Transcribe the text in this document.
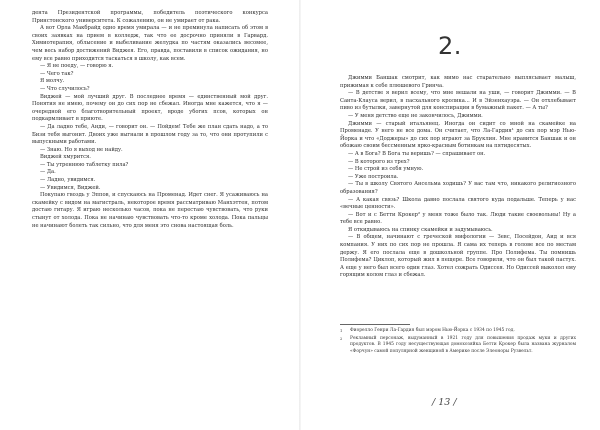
дента Президентской программы, победитель поэтического конкурса Принстонского университета. К сожалению, он не умирает от рака.

А вот Орла Макбрайд одно время умирала — и не преминула написать об этом в своих заявках на прием в колледж, так что ее досрочно приняли в Гарвард. Химиотерапия, облысение и выбеливание желудка по частям оказались весомее, чем весь набор достижений Виджея. Его, правда, поставили в список ожидания, но ему все равно приходится таскаться в школу, как всем.

— Я не поеду, — говорю я.

— Чего так?

Я молчу.

— Что случилось?

Виджей — мой лучший друг. В последнее время — единственный мой друг. Понятия не имею, почему он до сих пор не сбежал. Иногда мне кажется, что я — очередной его благотворительный проект, вроде убогих псов, которых он подкармливает в приюте.

— Да ладно тебе, Анди, — говорит он. — Пойдем! Тебе же план сдать надо, а то Бизи тебя выгонит. Двоих уже выгнали в прошлом году за то, что они протупили с выпускными работами.

— Знаю. Но я выход не найду.

Виджей хмурится.

— Ты утреннюю таблетку пила?

— Да.

— Ладно, увидимся.

— Увидимся, Виджей.

Покупаю гвоздь у Эппов, и спускаюсь на Променад. Идет снег. Я усаживаюсь на скамейку с видом на магистраль, некоторое время рассматриваю Манхэттен, потом достаю гитару. Я играю несколько часов, пока не перестаю чувствовать, что руки стынут от холода. Пока не начинаю чувствовать что-то кроме холода. Пока пальцы не начинают болеть так сильно, что для меня это снова настоящая боль.

2.

Джимми Баншак смотрит, как мимо нас старательно выплясывает малыш, прижимая к себе плюшевого Гринча.

— В детстве я верил всему, что мне вешали на уши, — говорит Джимми. — В Санта-Клауса верил, в пасхального кролика... И в Эйзенхауэра. — Он отхлебывает пиво из бутылки, завернутой для конспирации в бумажный пакет. — А ты?

— У меня детство еще не закончилось, Джимми.

Джимми — старый итальянец. Иногда он сидит со мной на скамейке на Променаде. У него не все дома. Он считает, что Ла-Гардия¹ до сих пор мэр Нью-Йорка и что «Доджеры» до сих пор играют за Бруклин. Мне нравится Баншак и он обожаю своим бессменным ярко-красным ботинкам на пятидесятых.

— А в Бога? В Бога ты веришь? — спрашивает он.

— В которого из трех?

— Не строй из себя умную.

— Уже построила.

— Ты в школу Святого Ансельма ходишь? У вас там что, никакого религиозного образования?

— А какая связь? Школа давно послала святого куда подальше. Теперь у нас «вечные ценности».

— Вот и с Бетти Крокер² у меня тоже было так. Люди такие своевольны! Ну а тебе все равно.

Я откидываюсь на спинку скамейки и задумываюсь.

— В общем, начинают с греческой мифологии — Зевс, Посейдон, Аид и вся компания. У них по сих пор не прошла. Я сама их теперь в голове все по местам держу. Я его послала еще в дошкольной группе. Про Полифема. Ты помнишь Полифема? Циклоп, который жил в пещере. Все говорили, что он был такой пастух. А еще у него был всего один глаз. Хотел сожрать Одиссея. Но Одиссей выколол ему горящим колом глаз и сбежал.

1	Фиорелло Генри Ла-Гардия был мэром Нью-Йорка с 1934 по 1945 год.
2	Рекламный персонаж, выдуманный в 1921 году для повышения продаж муки и других продуктов. В 1945 году несуществующая домохозяйка Бетти Крокер была названа журналом «Форчун» самой популярной женщиной в Америке после Элеоноры Рузвельт.
/ 13 /
